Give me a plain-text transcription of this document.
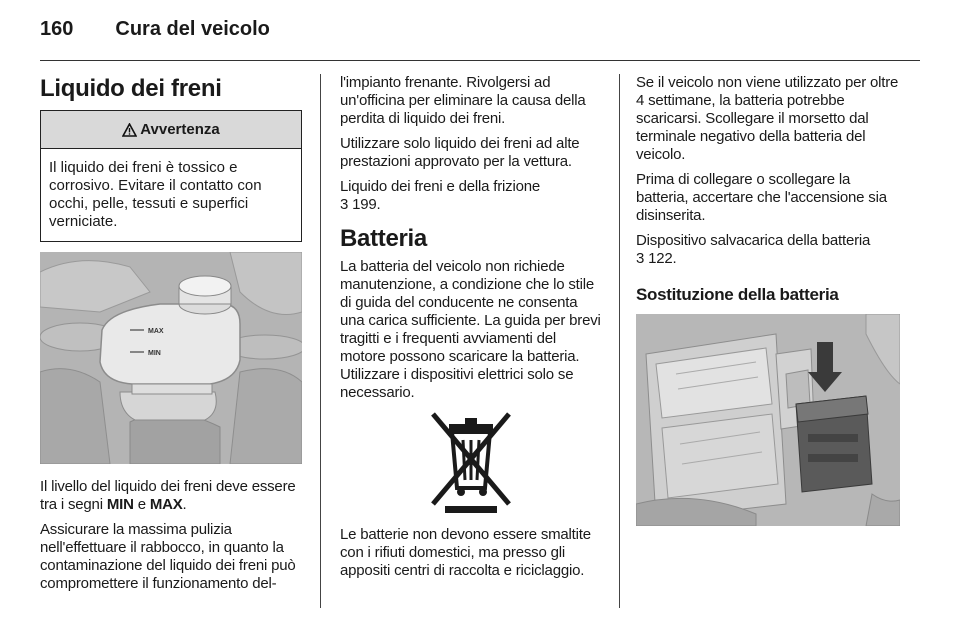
160 Cura del veicolo
Liquido dei freni
Avvertenza
Il liquido dei freni è tossico e corrosivo. Evitare il contatto con occhi, pelle, tessuti e superfici verniciate.
MAX
MIN

Il livello del liquido dei freni deve essere tra i segni MIN e MAX.

Assicurare la massima pulizia nell'effettuare il rabbocco, in quanto la contaminazione del liquido dei freni può compromettere il funzionamento del-

l'impianto frenante. Rivolgersi ad un'officina per eliminare la causa della perdita di liquido dei freni.

Utilizzare solo liquido dei freni ad alte prestazioni approvato per la vettura.

Liquido dei freni e della frizione
3 199.

Batteria

La batteria del veicolo non richiede manutenzione, a condizione che lo stile di guida del conducente ne consenta una carica sufficiente. La guida per brevi tragitti e i frequenti avviamenti del motore possono scaricare la batteria. Utilizzare i dispositivi elettrici solo se necessario.

Le batterie non devono essere smaltite con i rifiuti domestici, ma presso gli appositi centri di raccolta e riciclaggio.

Se il veicolo non viene utilizzato per oltre 4 settimane, la batteria potrebbe scaricarsi. Scollegare il morsetto dal terminale negativo della batteria del veicolo.

Prima di collegare o scollegare la batteria, accertare che l'accensione sia disinserita.

Dispositivo salvacarica della batteria
3 122.

Sostituzione della batteria
